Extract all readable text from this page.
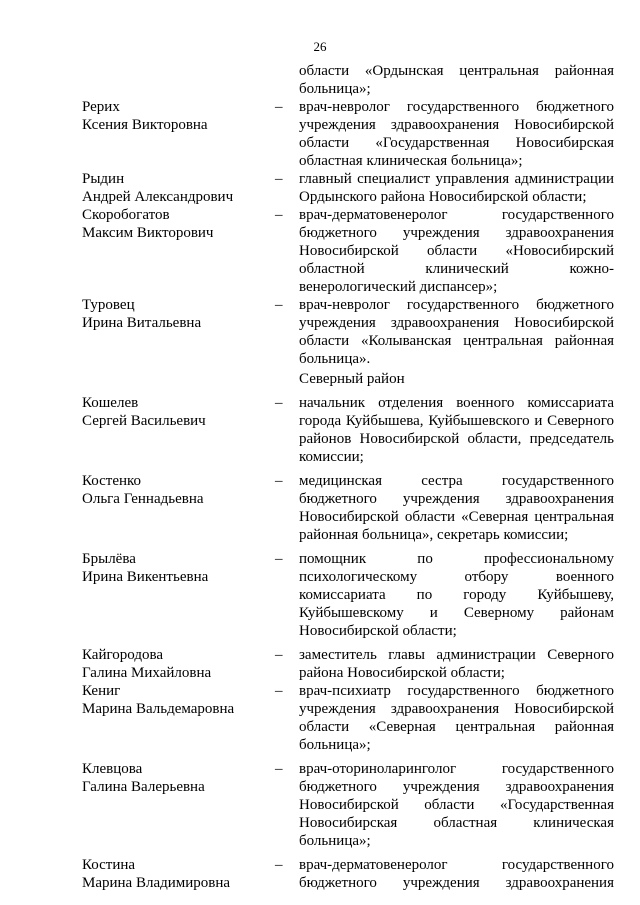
26
области «Ордынская центральная районная больница»;
Рерих
Ксения Викторовна
–	врач-невролог государственного бюджетного учреждения здравоохранения Новосибирской области «Государственная Новосибирская областная клиническая больница»;
Рыдин
Андрей Александрович
–	главный специалист управления администрации Ордынского района Новосибирской области;
Скоробогатов
Максим Викторович
–	врач-дерматовенеролог государственного бюджетного учреждения здравоохранения Новосибирской области «Новосибирский областной клинический кожно-венерологический диспансер»;
Туровец
Ирина Витальевна
–	врач-невролог государственного бюджетного учреждения здравоохранения Новосибирской области «Колыванская центральная районная больница».
Северный район
Кошелев
Сергей Васильевич
–	начальник отделения военного комиссариата города Куйбышева, Куйбышевского и Северного районов Новосибирской области, председатель комиссии;
Костенко
Ольга Геннадьевна
–	медицинская сестра государственного бюджетного учреждения здравоохранения Новосибирской области «Северная центральная районная больница», секретарь комиссии;
Брылёва
Ирина Викентьевна
–	помощник по профессиональному психологическому отбору военного комиссариата по городу Куйбышеву, Куйбышевскому и Северному районам Новосибирской области;
Кайгородова
Галина Михайловна
–	заместитель главы администрации Северного района Новосибирской области;
Кениг
Марина Вальдемаровна
–	врач-психиатр государственного бюджетного учреждения здравоохранения Новосибирской области «Северная центральная районная больница»;
Клевцова
Галина Валерьевна
–	врач-оториноларинголог государственного бюджетного учреждения здравоохранения Новосибирской области «Государственная Новосибирская областная клиническая больница»;
Костина
Марина Владимировна
–	врач-дерматовенеролог государственного бюджетного учреждения здравоохранения
